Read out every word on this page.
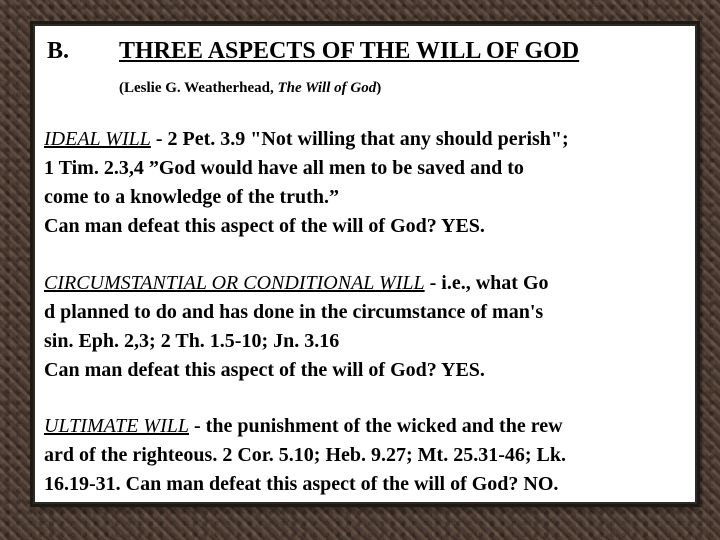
B. THREE ASPECTS OF THE WILL OF GOD
(Leslie G. Weatherhead, The Will of God)
IDEAL WILL - 2 Pet. 3.9 "Not willing that any should perish";
1 Tim. 2.3,4 ”God would have all men to be saved and to
come to a knowledge of the truth.”
Can man defeat this aspect of the will of God? YES.
CIRCUMSTANTIAL OR CONDITIONAL WILL - i.e., what Go
d planned to do and has done in the circumstance of man's
sin. Eph. 2,3; 2 Th. 1.5-10; Jn. 3.16
Can man defeat this aspect of the will of God? YES.
ULTIMATE WILL - the punishment of the wicked and the rew
ard of the righteous. 2 Cor. 5.10; Heb. 9.27; Mt. 25.31-46; Lk.
16.19-31. Can man defeat this aspect of the will of God? NO.
